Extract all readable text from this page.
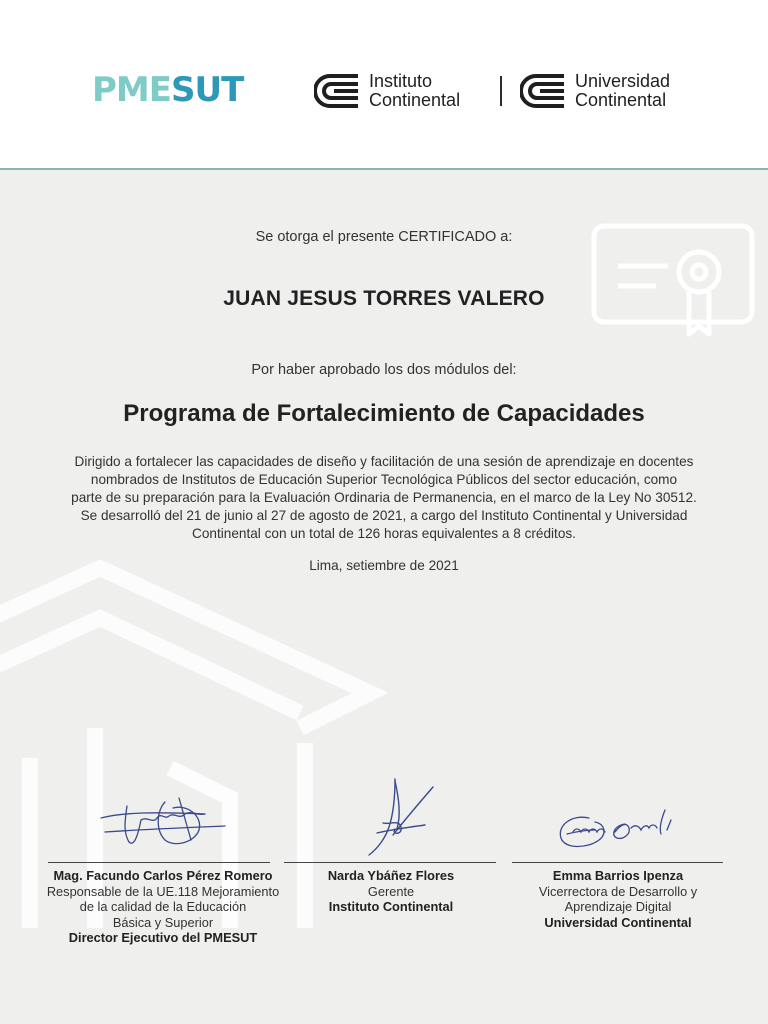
PMESUT	Instituto
Continental
Universidad
Continental
Se otorga el presente CERTIFICADO a:
JUAN JESUS TORRES VALERO
Por haber aprobado los dos módulos del:
Programa de Fortalecimiento de Capacidades
Dirigido a fortalecer las capacidades de diseño y facilitación de una sesión de aprendizaje en docentes
nombrados de Institutos de Educación Superior Tecnológica Públicos del sector educación, como
parte de su preparación para la Evaluación Ordinaria de Permanencia, en el marco de la Ley No 30512.
Se desarrolló del 21 de junio al 27 de agosto de 2021, a cargo del Instituto Continental y Universidad
Continental con un total de 126 horas equivalentes a 8 créditos.
Lima, setiembre de 2021
Mag. Facundo Carlos Pérez Romero
Responsable de la UE.118 Mejoramiento
de la calidad de la Educación
Básica y Superior
Director Ejecutivo del PMESUT
Narda Ybáñez Flores
Gerente
Instituto Continental
Emma Barrios Ipenza
Vicerrectora de Desarrollo y
Aprendizaje Digital
Universidad Continental
